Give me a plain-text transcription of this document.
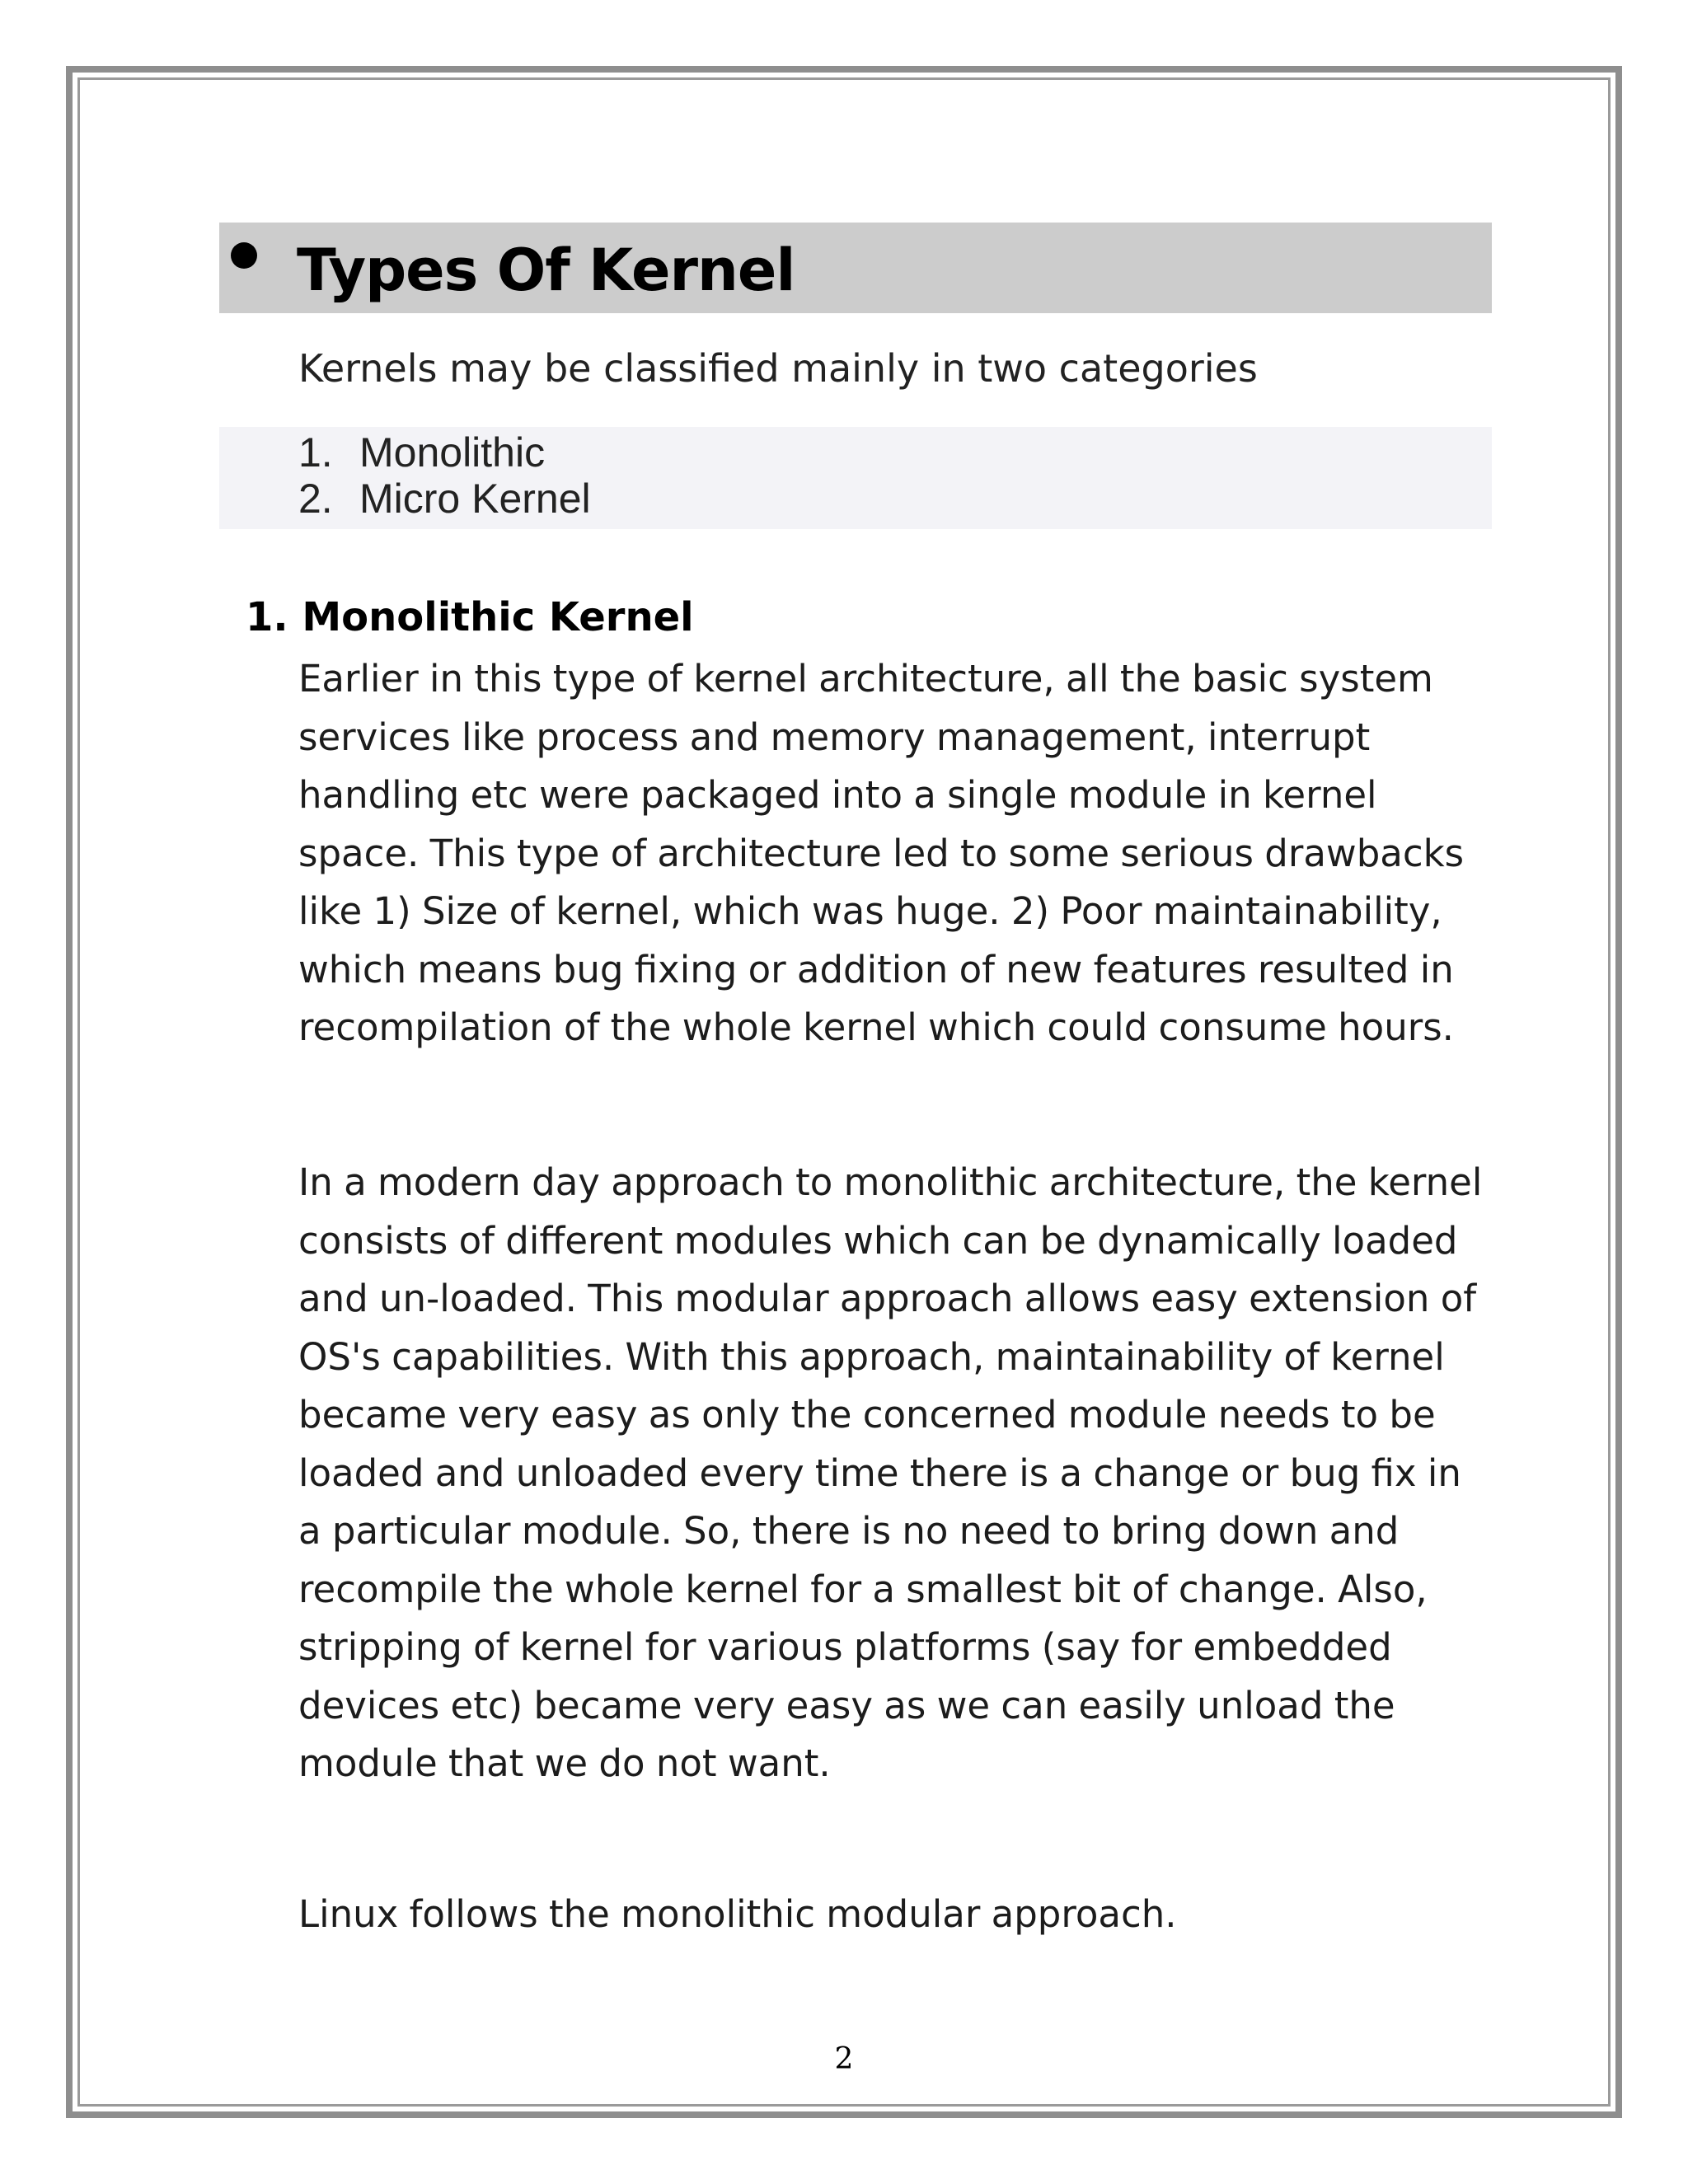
Types Of Kernel
Kernels may be classified mainly in two categories
1. Monolithic
2. Micro Kernel
1. Monolithic Kernel
Earlier in this type of kernel architecture, all the basic system services like process and memory management, interrupt handling etc were packaged into a single module in kernel space. This type of architecture led to some serious drawbacks like 1) Size of kernel, which was huge. 2) Poor maintainability, which means bug fixing or addition of new features resulted in recompilation of the whole kernel which could consume hours.
In a modern day approach to monolithic architecture, the kernel consists of different modules which can be dynamically loaded and un-loaded. This modular approach allows easy extension of OS's capabilities. With this approach, maintainability of kernel became very easy as only the concerned module needs to be loaded and unloaded every time there is a change or bug fix in a particular module. So, there is no need to bring down and recompile the whole kernel for a smallest bit of change. Also, stripping of kernel for various platforms (say for embedded devices etc) became very easy as we can easily unload the module that we do not want.
Linux follows the monolithic modular approach.
2
